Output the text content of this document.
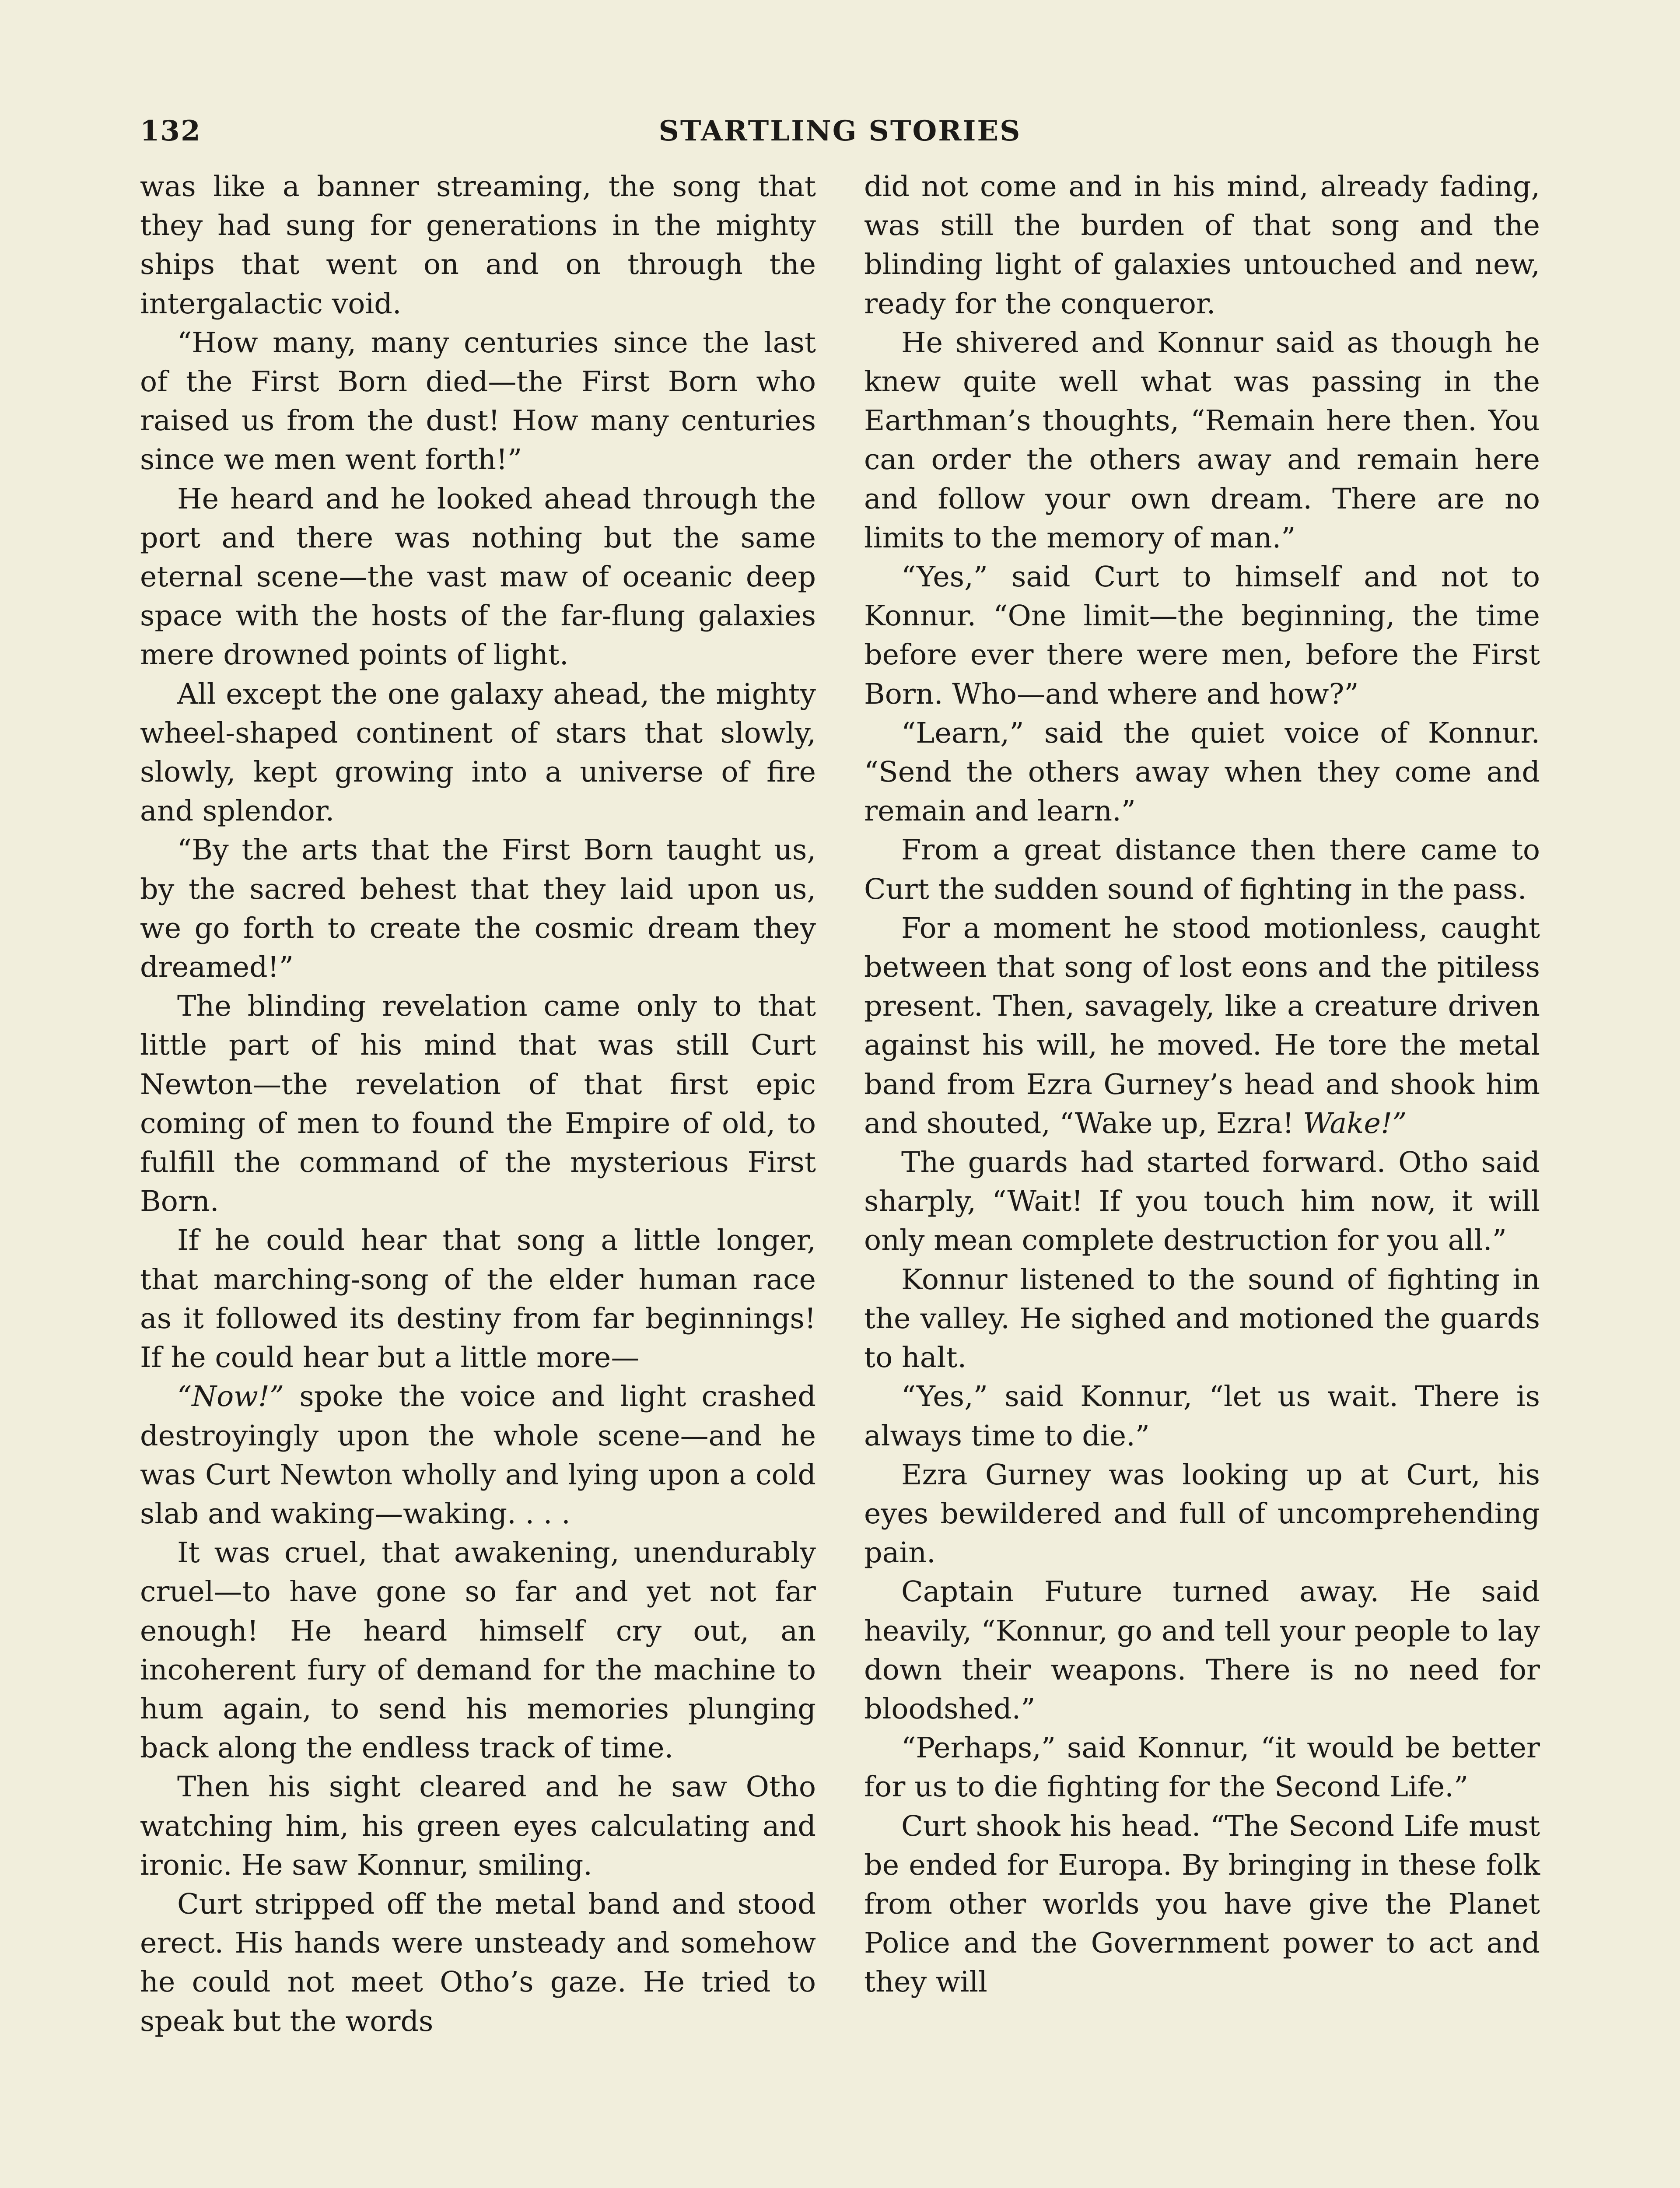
132	STARTLING STORIES

was like a banner streaming, the song that they had sung for generations in the mighty ships that went on and on through the intergalactic void.

“How many, many centuries since the last of the First Born died—the First Born who raised us from the dust! How many centuries since we men went forth!”

He heard and he looked ahead through the port and there was nothing but the same eternal scene—the vast maw of oceanic deep space with the hosts of the far-flung galaxies mere drowned points of light.

All except the one galaxy ahead, the mighty wheel-shaped continent of stars that slowly, slowly, kept growing into a universe of fire and splendor.

“By the arts that the First Born taught us, by the sacred behest that they laid upon us, we go forth to create the cosmic dream they dreamed!”

The blinding revelation came only to that little part of his mind that was still Curt Newton—the revelation of that first epic coming of men to found the Empire of old, to fulfill the command of the mysterious First Born.

If he could hear that song a little longer, that marching-song of the elder human race as it followed its destiny from far beginnings! If he could hear but a little more—

“Now!” spoke the voice and light crashed destroyingly upon the whole scene—and he was Curt Newton wholly and lying upon a cold slab and waking—waking. . . .

It was cruel, that awakening, unendurably cruel—to have gone so far and yet not far enough! He heard himself cry out, an incoherent fury of demand for the machine to hum again, to send his memories plunging back along the endless track of time.

Then his sight cleared and he saw Otho watching him, his green eyes calculating and ironic. He saw Konnur, smiling.

Curt stripped off the metal band and stood erect. His hands were unsteady and somehow he could not meet Otho’s gaze. He tried to speak but the words

did not come and in his mind, already fading, was still the burden of that song and the blinding light of galaxies untouched and new, ready for the conqueror.

He shivered and Konnur said as though he knew quite well what was passing in the Earthman’s thoughts, “Remain here then. You can order the others away and remain here and follow your own dream. There are no limits to the memory of man.”

“Yes,” said Curt to himself and not to Konnur. “One limit—the beginning, the time before ever there were men, before the First Born. Who—and where and how?”

“Learn,” said the quiet voice of Konnur. “Send the others away when they come and remain and learn.”

From a great distance then there came to Curt the sudden sound of fighting in the pass.

For a moment he stood motionless, caught between that song of lost eons and the pitiless present. Then, savagely, like a creature driven against his will, he moved. He tore the metal band from Ezra Gurney’s head and shook him and shouted, “Wake up, Ezra! Wake!”

The guards had started forward. Otho said sharply, “Wait! If you touch him now, it will only mean complete destruction for you all.”

Konnur listened to the sound of fighting in the valley. He sighed and motioned the guards to halt.

“Yes,” said Konnur, “let us wait. There is always time to die.”

Ezra Gurney was looking up at Curt, his eyes bewildered and full of uncomprehending pain.

Captain Future turned away. He said heavily, “Konnur, go and tell your people to lay down their weapons. There is no need for bloodshed.”

“Perhaps,” said Konnur, “it would be better for us to die fighting for the Second Life.”

Curt shook his head. “The Second Life must be ended for Europa. By bringing in these folk from other worlds you have give the Planet Police and the Government power to act and they will
